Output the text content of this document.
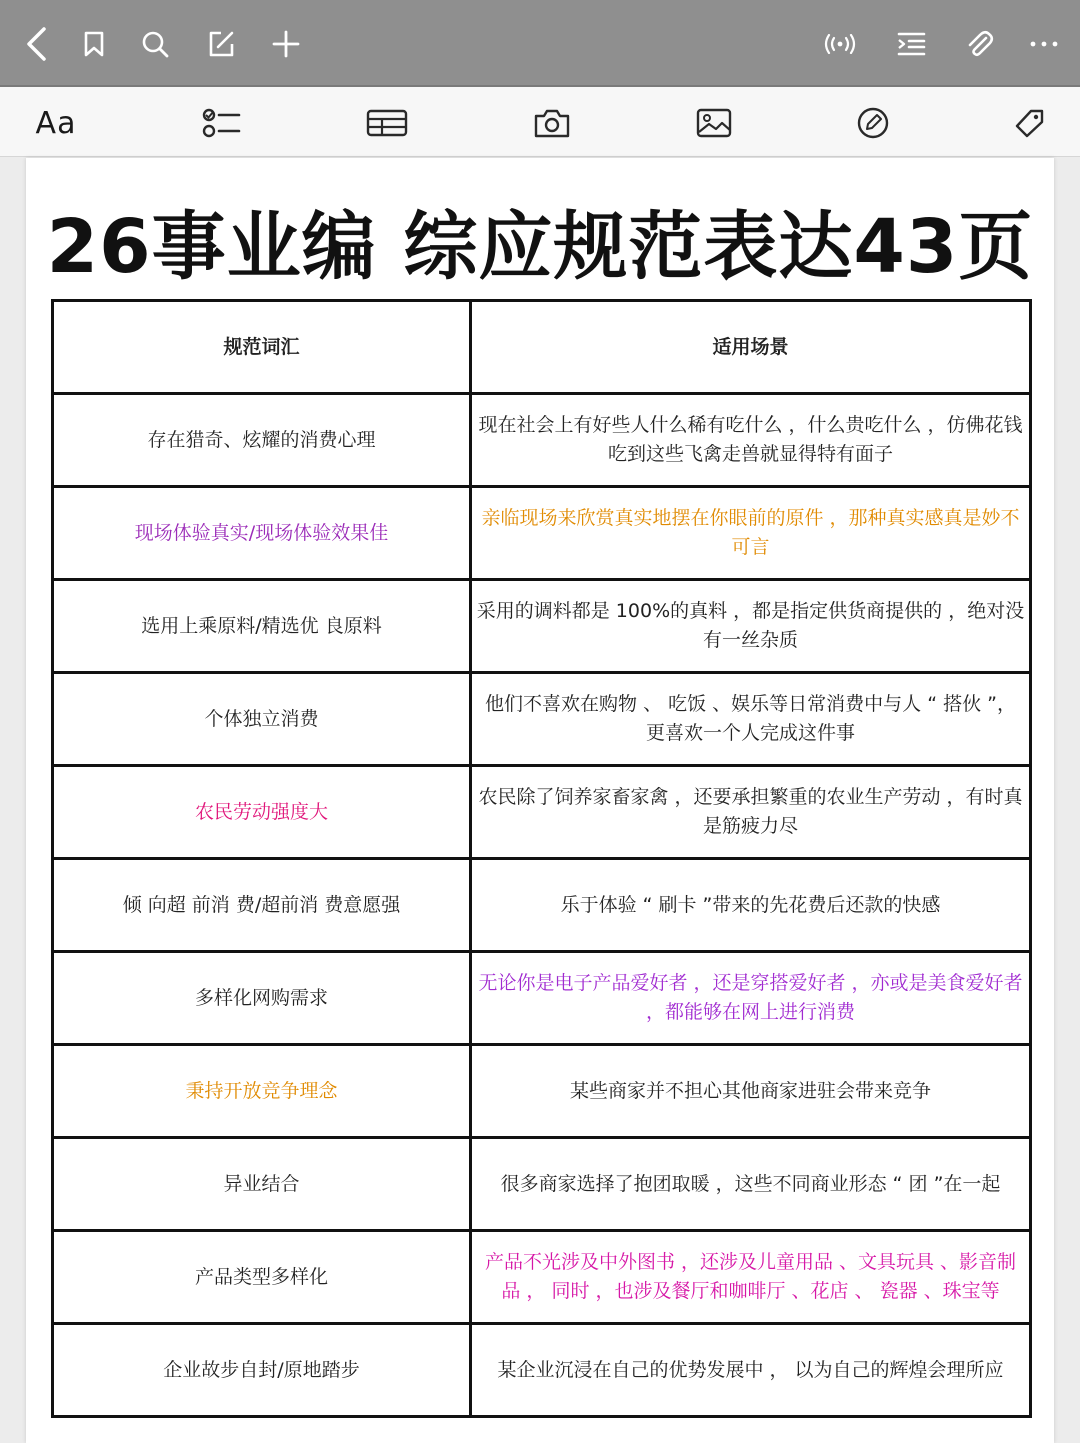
Aa
26事业编 综应规范表达43页
规范词汇	适用场景
存在猎奇、炫耀的消费心理	现在社会上有好些人什么稀有吃什么 ，什么贵吃什么 ，仿佛花钱吃到这些飞禽走兽就显得特有面子
现场体验真实/现场体验效果佳	亲临现场来欣赏真实地摆在你眼前的原件 ，那种真实感真是妙不可言
选用上乘原料/精选优 良原料	采用的调料都是 100%的真料 ，都是指定供货商提供的 ，绝对没有一丝杂质
个体独立消费	他们不喜欢在购物 、 吃饭 、娱乐等日常消费中与人 “ 搭伙 ”，更喜欢一个人完成这件事
农民劳动强度大	农民除了饲养家畜家禽 ，还要承担繁重的农业生产劳动 ，有时真是筋疲力尽
倾 向超 前消 费/超前消 费意愿强	乐于体验 “ 刷卡 ”带来的先花费后还款的快感
多样化网购需求	无论你是电子产品爱好者 ，还是穿搭爱好者 ，亦或是美食爱好者 ，都能够在网上进行消费
秉持开放竞争理念	某些商家并不担心其他商家进驻会带来竞争
异业结合	很多商家选择了抱团取暖 ，这些不同商业形态 “ 团 ”在一起
产品类型多样化	产品不光涉及中外图书 ，还涉及儿童用品 、文具玩具 、影音制品 ， 同时 ，也涉及餐厅和咖啡厅 、花店 、 瓷器 、珠宝等
企业故步自封/原地踏步	某企业沉浸在自己的优势发展中 ， 以为自己的辉煌会理所应
